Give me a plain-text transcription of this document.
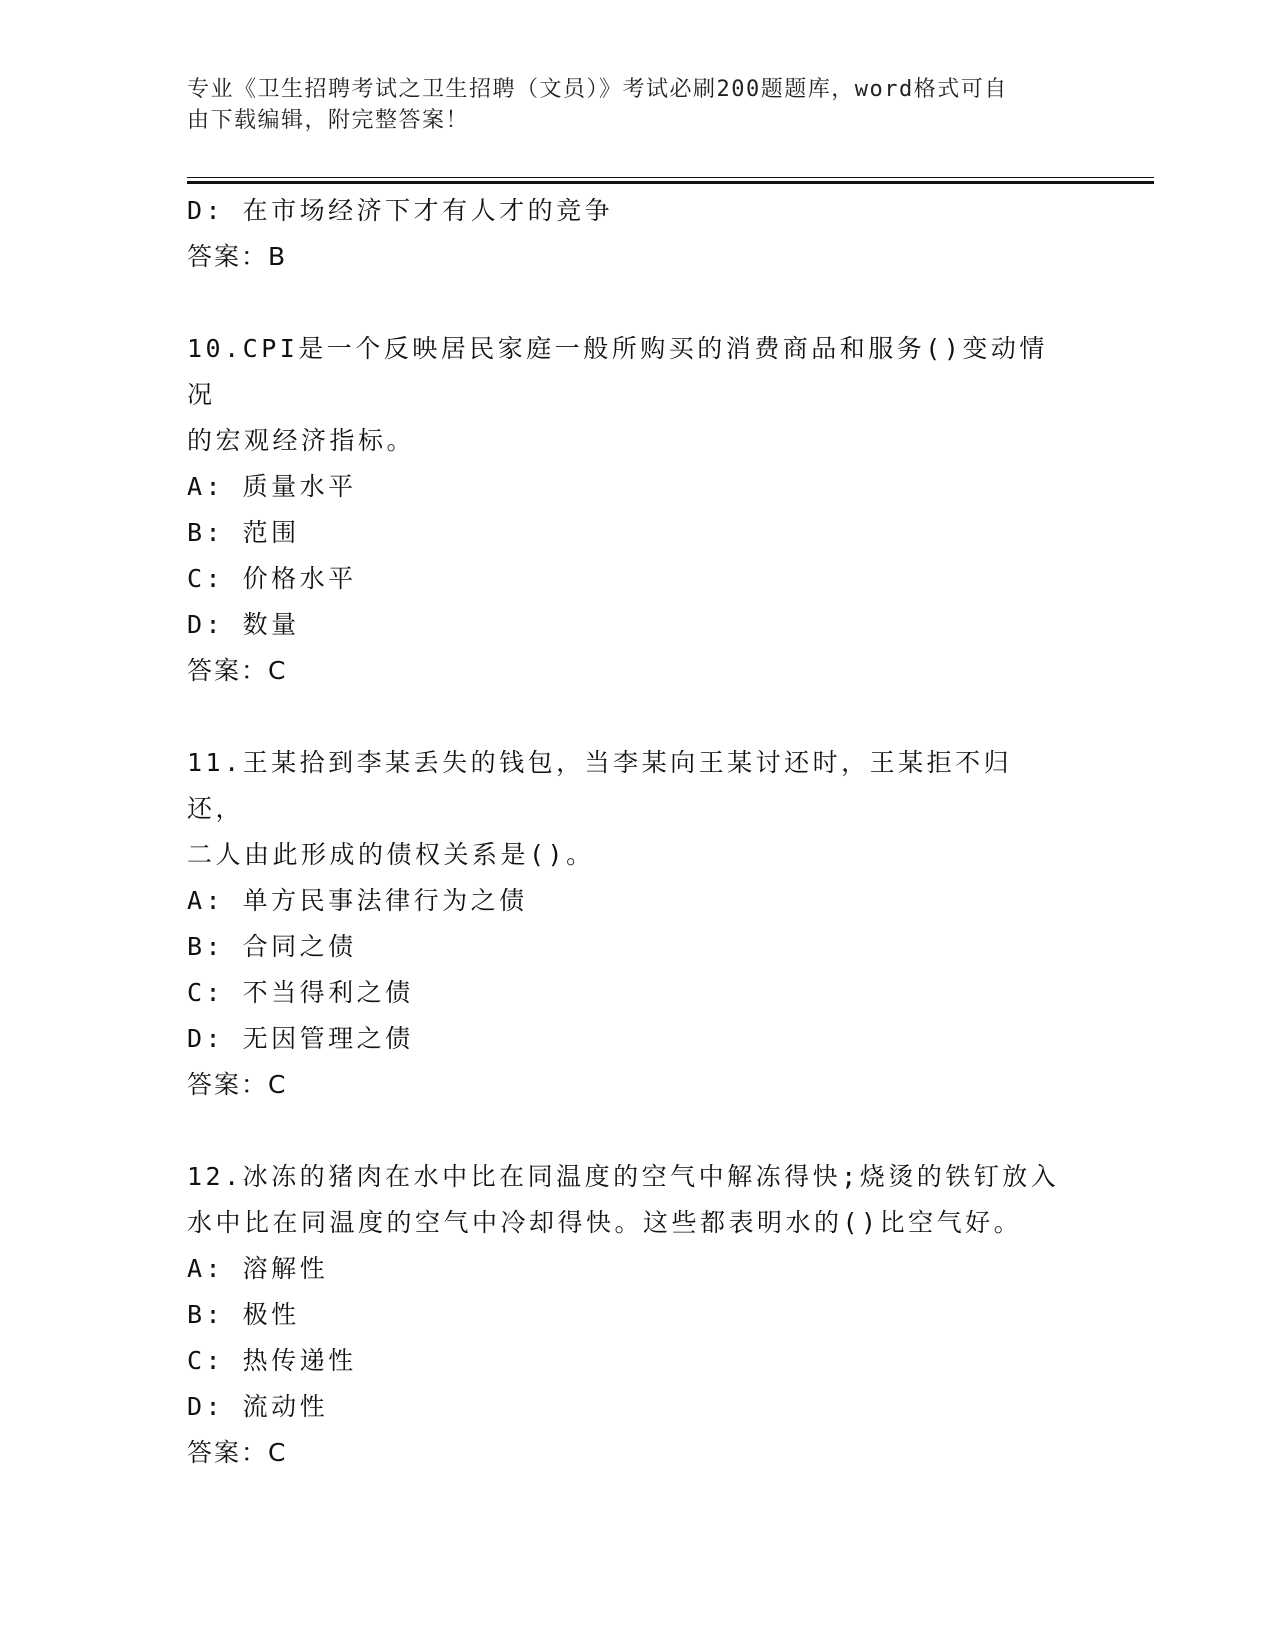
专业《卫生招聘考试之卫生招聘（文员）》考试必刷200题题库，word格式可自
由下载编辑，附完整答案！
D: 在市场经济下才有人才的竞争
答案：B
10.CPI是一个反映居民家庭一般所购买的消费商品和服务()变动情况
的宏观经济指标。
A: 质量水平
B: 范围
C: 价格水平
D: 数量
答案：C
11.王某拾到李某丢失的钱包，当李某向王某讨还时，王某拒不归还，
二人由此形成的债权关系是()。
A: 单方民事法律行为之债
B: 合同之债
C: 不当得利之债
D: 无因管理之债
答案：C
12.冰冻的猪肉在水中比在同温度的空气中解冻得快;烧烫的铁钉放入
水中比在同温度的空气中冷却得快。这些都表明水的()比空气好。
A: 溶解性
B: 极性
C: 热传递性
D: 流动性
答案：C
